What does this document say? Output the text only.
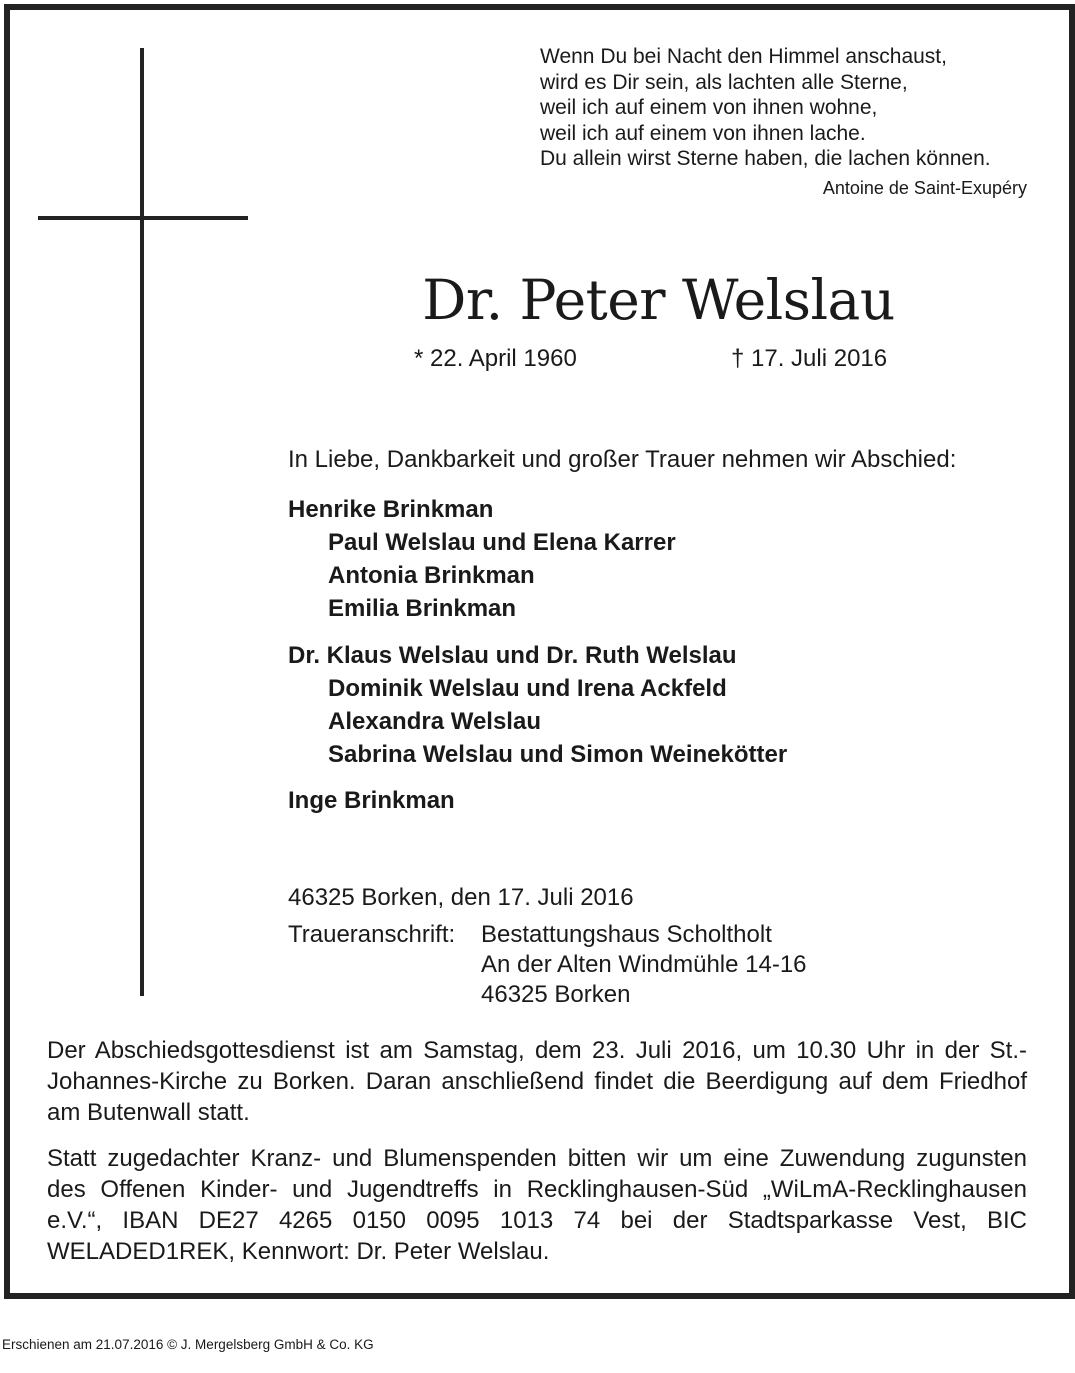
Wenn Du bei Nacht den Himmel anschaust,
wird es Dir sein, als lachten alle Sterne,
weil ich auf einem von ihnen wohne,
weil ich auf einem von ihnen lache.
Du allein wirst Sterne haben, die lachen können.
Antoine de Saint-Exupéry
Dr. Peter Welslau
* 22. April 1960	† 17. Juli 2016
In Liebe, Dankbarkeit und großer Trauer nehmen wir Abschied:
Henrike Brinkman
Paul Welslau und Elena Karrer
Antonia Brinkman
Emilia Brinkman
Dr. Klaus Welslau und Dr. Ruth Welslau
Dominik Welslau und Irena Ackfeld
Alexandra Welslau
Sabrina Welslau und Simon Weinekötter
Inge Brinkman
46325 Borken, den 17. Juli 2016
Traueranschrift: Bestattungshaus Scholtholt
An der Alten Windmühle 14-16
46325 Borken
Der Abschiedsgottesdienst ist am Samstag, dem 23. Juli 2016, um 10.30 Uhr in der St.-Johannes-Kirche zu Borken. Daran anschließend findet die Beerdigung auf dem Friedhof am Butenwall statt.
Statt zugedachter Kranz- und Blumenspenden bitten wir um eine Zuwendung zugunsten des Offenen Kinder- und Jugendtreffs in Recklinghausen-Süd „WiLmA-Recklinghausen e.V.“, IBAN DE27 4265 0150 0095 1013 74 bei der Stadtsparkasse Vest, BIC WELADED1REK, Kennwort: Dr. Peter Welslau.
Erschienen am 21.07.2016 © J. Mergelsberg GmbH & Co. KG
